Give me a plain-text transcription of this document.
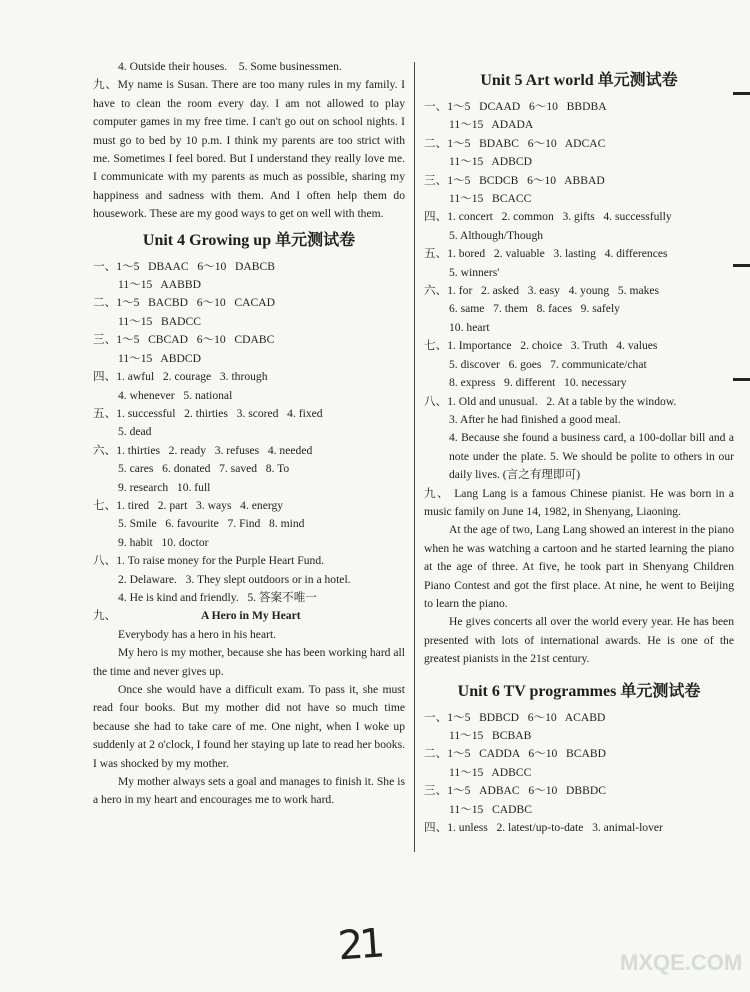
4. Outside their houses.    5. Some businessmen.

九、My name is Susan. There are too many rules in my family. I have to clean the room every day. I am not allowed to play computer games in my free time. I can't go out on school nights. I must go to bed by 10 p.m. I think my parents are too strict with me. Sometimes I feel bored. But I understand they really love me. I communicate with my parents as much as possible, sharing my happiness and sadness with them. And I often help them do housework. These are my good ways to get on well with them.

Unit 4 Growing up 单元测试卷
一、1～5   DBAAC   6～10   DABCB
11～15   AABBD
二、1～5   BACBD   6～10   CACAD
11～15   BADCC
三、1～5   CBCAD   6～10   CDABC
11～15   ABDCD
四、1. awful   2. courage   3. through
4. whenever   5. national
五、1. successful   2. thirties   3. scored   4. fixed
5. dead
六、1. thirties   2. ready   3. refuses   4. needed
5. cares   6. donated   7. saved   8. To
9. research   10. full
七、1. tired   2. part   3. ways   4. energy
5. Smile   6. favourite   7. Find   8. mind
9. habit   10. doctor
八、1. To raise money for the Purple Heart Fund.
2. Delaware.   3. They slept outdoors or in a hotel.
4. He is kind and friendly.   5. 答案不唯一
九、	A Hero in My Heart

Everybody has a hero in his heart.

My hero is my mother, because she has been working hard all the time and never gives up.

Once she would have a difficult exam. To pass it, she must read four books. But my mother did not have so much time because she had to take care of me. One night, when I woke up suddenly at 2 o'clock, I found her staying up late to read her books. I was shocked by my mother.

My mother always sets a goal and manages to finish it. She is a hero in my heart and encourages me to work hard.

Unit 5 Art world 单元测试卷
一、1～5   DCAAD   6～10   BBDBA
11～15   ADADA
二、1～5   BDABC   6～10   ADCAC
11～15   ADBCD
三、1～5   BCDCB   6～10   ABBAD
11～15   BCACC
四、1. concert   2. common   3. gifts   4. successfully
5. Although/Though
五、1. bored   2. valuable   3. lasting   4. differences
5. winners'
六、1. for   2. asked   3. easy   4. young   5. makes
6. same   7. them   8. faces   9. safely
10. heart
七、1. Importance   2. choice   3. Truth   4. values
5. discover   6. goes   7. communicate/chat
8. express   9. different   10. necessary
八、1. Old and unusual.   2. At a table by the window.
3. After he had finished a good meal.
4. Because she found a business card, a 100-dollar bill and a note under the plate. 5. We should be polite to others in our daily lives. (言之有理即可)

九、 Lang Lang is a famous Chinese pianist. He was born in a music family on June 14, 1982, in Shenyang, Liaoning.

At the age of two, Lang Lang showed an interest in the piano when he was watching a cartoon and he started learning the piano at the age of three. At five, he took part in Shenyang Children Piano Contest and got the first place. At nine, he went to Beijing to learn the piano.

He gives concerts all over the world every year. He has been presented with lots of international awards. He is one of the greatest pianists in the 21st century.

Unit 6 TV programmes 单元测试卷
一、1～5   BDBCD   6～10   ACABD
11～15   BCBAB
二、1～5   CADDA   6～10   BCABD
11～15   ADBCC
三、1～5   ADBAC   6～10   DBBDC
11～15   CADBC
四、1. unless   2. latest/up-to-date   3. animal-lover
21	MXQE.COM
